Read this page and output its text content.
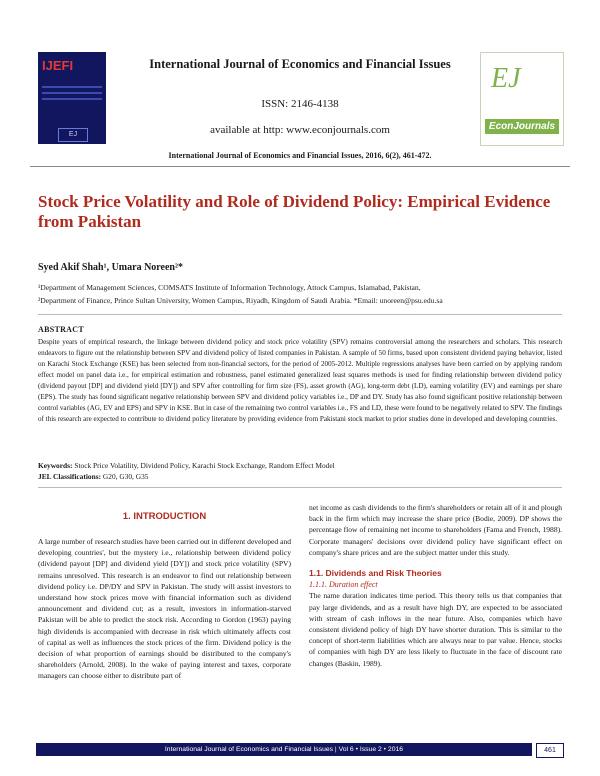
IJEFI
EJ
International Journal of Economics and Financial Issues
ISSN: 2146-4138
available at http: www.econjournals.com
International Journal of Economics and Financial Issues, 2016, 6(2), 461-472.
EJ
EconJournals
Stock Price Volatility and Role of Dividend Policy: Empirical Evidence from Pakistan
Syed Akif Shah¹, Umara Noreen²*
¹Department of Management Sciences, COMSATS Institute of Information Technology, Attock Campus, Islamabad, Pakistan,
²Department of Finance, Prince Sultan University, Women Campus, Riyadh, Kingdom of Saudi Arabia. *Email: unoreen@psu.edu.sa
ABSTRACT
Despite years of empirical research, the linkage between dividend policy and stock price volatility (SPV) remains controversial among the researchers and scholars. This research endeavors to figure out the relationship between SPV and dividend policy of listed companies in Pakistan. A sample of 50 firms, based upon consistent dividend paying behavior, listed on Karachi Stock Exchange (KSE) has been selected from non-financial sectors, for the period of 2005-2012. Multiple regressions analyses have been carried on by applying random effect model on panel data i.e., for empirical estimation and robustness, panel estimated generalized least squares methods is used for finding relationship between dividend policy (dividend payout [DP] and dividend yield [DY]) and SPV after controlling for firm size (FS), asset growth (AG), long-term debt (LD), earning volatility (EV) and earnings per share (EPS). The study has found significant negative relationship between SPV and dividend policy variables i.e., DP and DY. Study has also found significant positive relationship between control variables (AG, EV and EPS) and SPV in KSE. But in case of the remaining two control variables i.e., FS and LD, these were found to be negatively related to SPV. The findings of this research are expected to contribute to dividend policy literature by providing evidence from Pakistani stock market to prior studies done in developed and developing countries.
Keywords: Stock Price Volatility, Dividend Policy, Karachi Stock Exchange, Random Effect Model
JEL Classifications: G20, G30, G35
1. INTRODUCTION
A large number of research studies have been carried out in different developed and developing countries', but the mystery i.e., relationship between dividend policy (dividend payout [DP] and dividend yield [DY]) and stock price volatility (SPV) remains unresolved. This research is an endeavor to find out relationship between dividend policy i.e. DP/DY and SPV in Pakistan. The study will assist investors to understand how stock prices move with financial information such as dividend announcement and dividend cut; as a result, investors in information-starved Pakistan will be able to predict the stock risk. According to Gordon (1963) paying high dividends is accompanied with decrease in risk which ultimately affects cost of capital as well as influences the stock prices of the firm. Dividend policy is the decision of what proportion of earnings should be distributed to the company's shareholders (Arnold, 2008). In the wake of paying interest and taxes, corporate managers can choose either to distribute part of

net income as cash dividends to the firm's shareholders or retain all of it and plough back in the firm which may increase the share price (Bodie, 2009). DP shows the percentage flow of remaining net income to shareholders (Fama and French, 1988). Corporate managers' decisions over dividend policy have significant effect on company's share prices and are the subject matter under this study.

1.1. Dividends and Risk Theories

1.1.1. Duration effect

The name duration indicates time period. This theory tells us that companies that pay large dividends, and as a result have high DY, are expected to be associated with stream of cash inflows in the near future. Also, companies which have consistent dividend policy of high DY have shorter duration. This is similar to the concept of short-term liabilities which are always near to par value. Hence, stocks of companies with high DY are less likely to fluctuate in the face of discount rate changes (Baskin, 1989).

International Journal of Economics and Financial Issues | Vol 6 • Issue 2 • 2016	461
